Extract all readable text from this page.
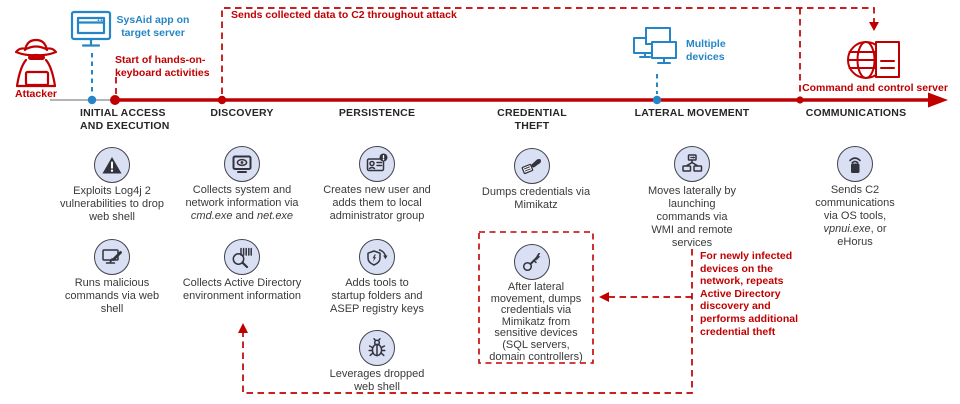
Attacker
SysAid app on
target server
Start of hands-on-
keyboard activities
Sends collected data to C2 throughout attack
Multiple
devices
Command and control server
INITIAL ACCESS
AND EXECUTION
DISCOVERY	PERSISTENCE	CREDENTIAL THEFT
LATERAL MOVEMENT	COMMUNICATIONS
Exploits Log4j 2 vulnerabilities to drop web shell
Runs malicious commands via web shell
Collects system and network information via cmd.exe and net.exe
Collects Active Directory environment information
Creates new user and adds them to local administrator group
Adds tools to startup folders and ASEP registry keys
Leverages dropped web shell
Dumps credentials via Mimikatz
After lateral movement, dumps credentials via Mimikatz from sensitive devices (SQL servers, domain controllers)
Moves laterally by launching commands via WMI and remote services
For newly infected devices on the network, repeats Active Directory discovery and performs additional credential theft
Sends C2 communications via OS tools, vpnui.exe, or eHorus
